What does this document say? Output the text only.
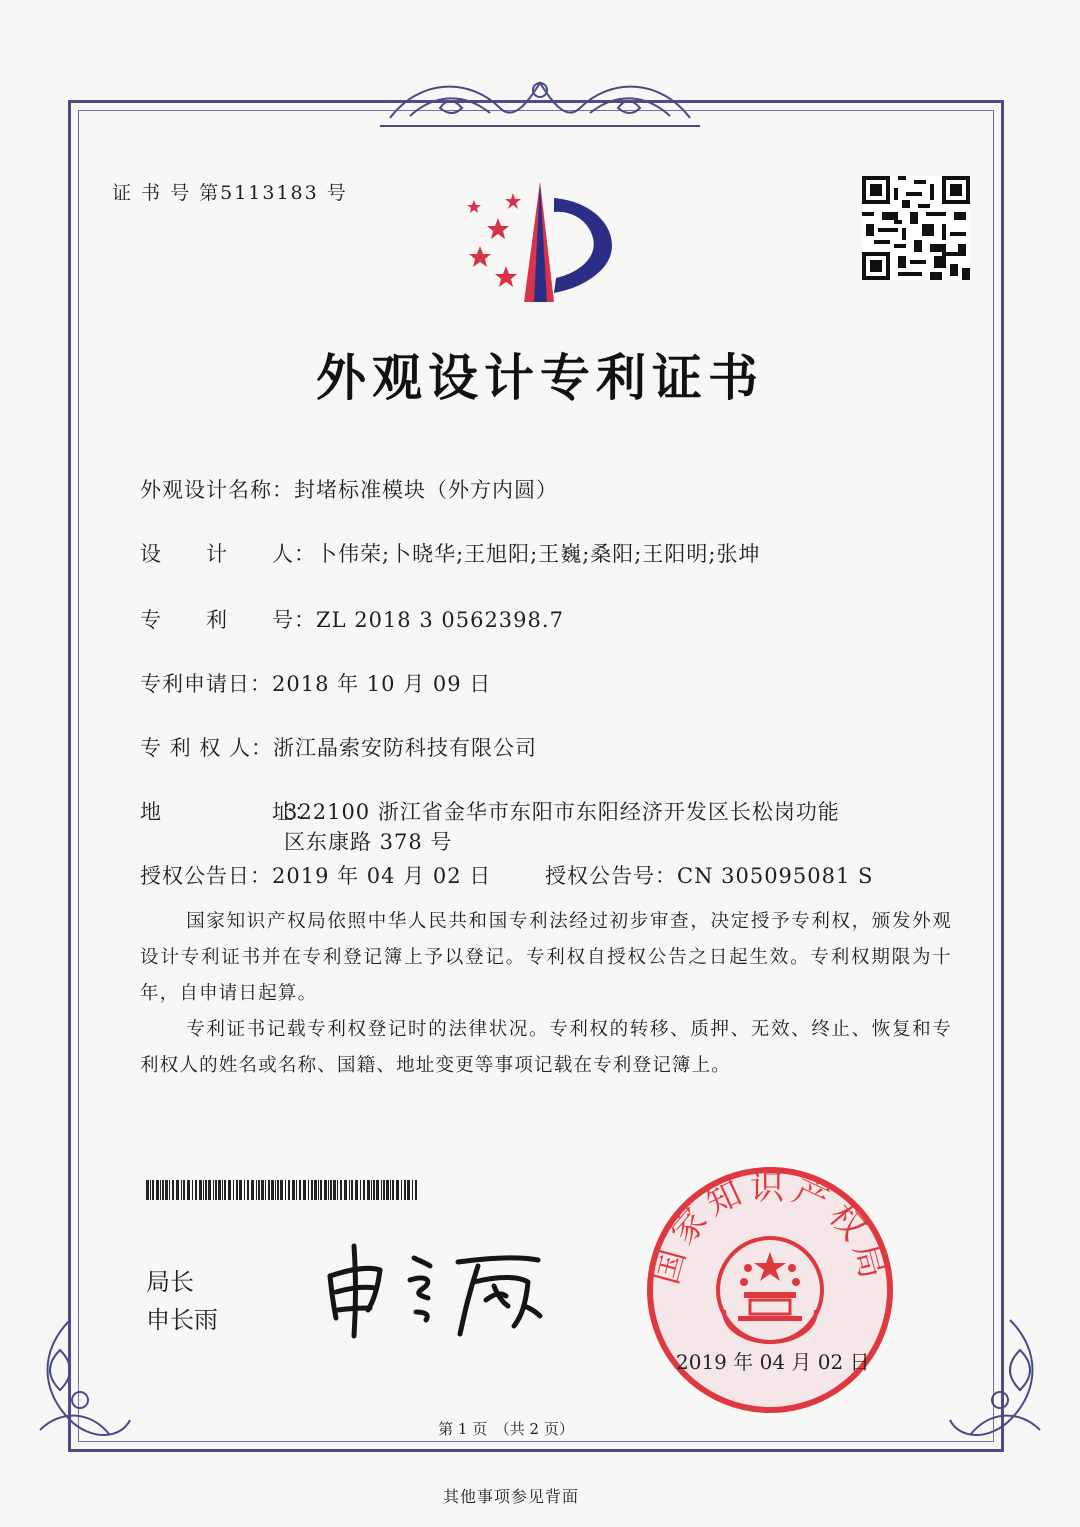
证 书 号 第5113183 号
外观设计专利证书
外观设计名称：封堵标准模块（外方内圆）
设　　计　　人：卜伟荣;卜晓华;王旭阳;王巍;桑阳;王阳明;张坤
专　　利　　号：ZL 2018 3 0562398.7
专利申请日：2018 年 10 月 09 日
专 利 权 人：浙江晶索安防科技有限公司
地　　　　　址：322100 浙江省金华市东阳市东阳经济开发区长松岗功能
区东康路 378 号
授权公告日：2019 年 04 月 02 日	授权公告号：CN 305095081 S
国家知识产权局依照中华人民共和国专利法经过初步审查，决定授予专利权，颁发外观设计专利证书并在专利登记簿上予以登记。专利权自授权公告之日起生效。专利权期限为十年，自申请日起算。
专利证书记载专利权登记时的法律状况。专利权的转移、质押、无效、终止、恢复和专利权人的姓名或名称、国籍、地址变更等事项记载在专利登记簿上。
局长
申长雨
国家知识产权局
2019 年 04 月 02 日
第 1 页　（共 2 页）
其他事项参见背面
